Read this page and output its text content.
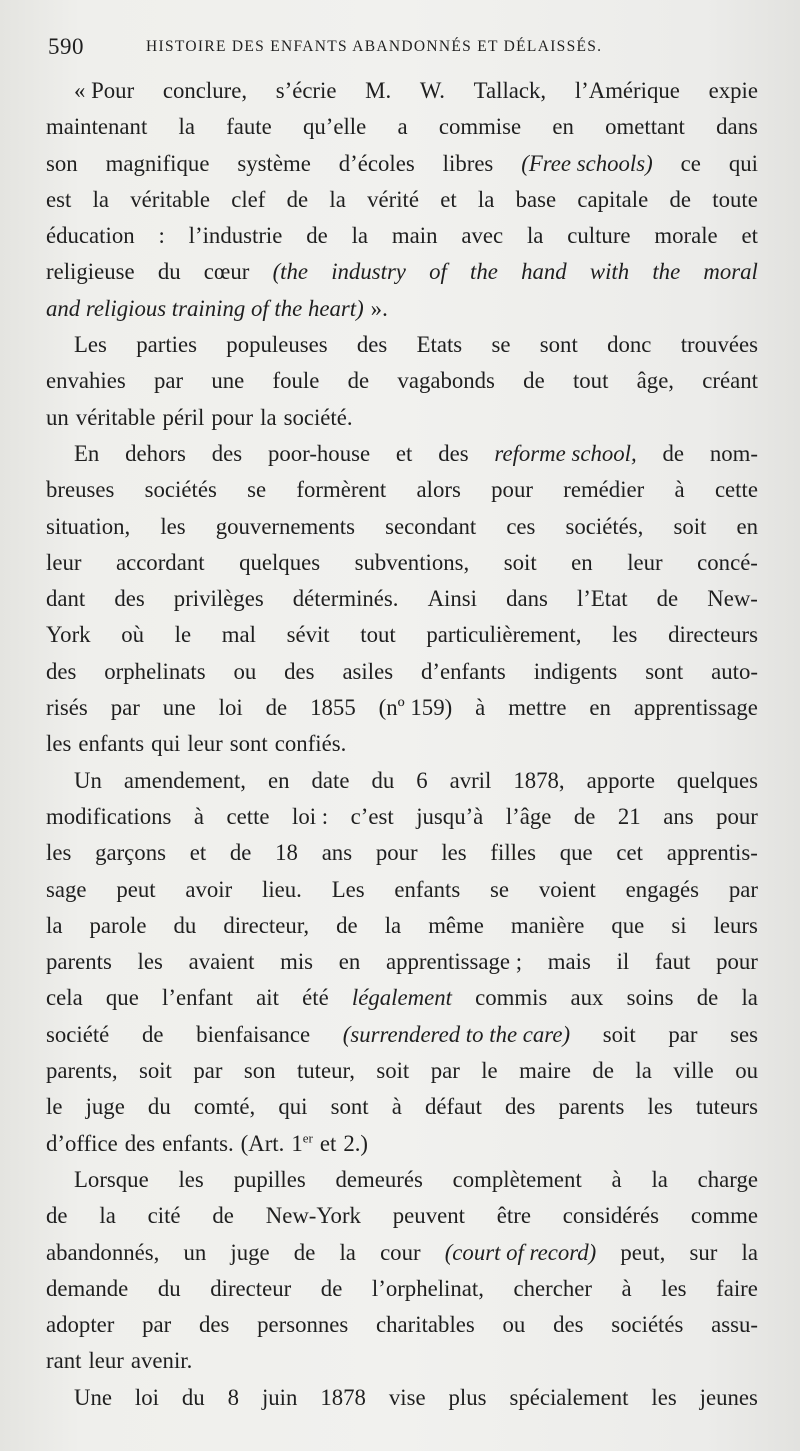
590	HISTOIRE DES ENFANTS ABANDONNÉS ET DÉLAISSÉS.
« Pour conclure, s’écrie M. W. Tallack, l’Amérique expie
maintenant la faute qu’elle a commise en omettant dans
son magnifique système d’écoles libres (Free schools) ce qui
est la véritable clef de la vérité et la base capitale de toute
éducation : l’industrie de la main avec la culture morale et
religieuse du cœur (the industry of the hand with the moral
and religious training of the heart) ».
Les parties populeuses des Etats se sont donc trouvées
envahies par une foule de vagabonds de tout âge, créant
un véritable péril pour la société.
En dehors des poor-house et des reforme school, de nom-
breuses sociétés se formèrent alors pour remédier à cette
situation, les gouvernements secondant ces sociétés, soit en
leur accordant quelques subventions, soit en leur concé-
dant des privilèges déterminés. Ainsi dans l’Etat de New-
York où le mal sévit tout particulièrement, les directeurs
des orphelinats ou des asiles d’enfants indigents sont auto-
risés par une loi de 1855 (nº 159) à mettre en apprentissage
les enfants qui leur sont confiés.
Un amendement, en date du 6 avril 1878, apporte quelques
modifications à cette loi : c’est jusqu’à l’âge de 21 ans pour
les garçons et de 18 ans pour les filles que cet apprentis-
sage peut avoir lieu. Les enfants se voient engagés par
la parole du directeur, de la même manière que si leurs
parents les avaient mis en apprentissage ; mais il faut pour
cela que l’enfant ait été légalement commis aux soins de la
société de bienfaisance (surrendered to the care) soit par ses
parents, soit par son tuteur, soit par le maire de la ville ou
le juge du comté, qui sont à défaut des parents les tuteurs
d’office des enfants. (Art. 1er et 2.)
Lorsque les pupilles demeurés complètement à la charge
de la cité de New-York peuvent être considérés comme
abandonnés, un juge de la cour (court of record) peut, sur la
demande du directeur de l’orphelinat, chercher à les faire
adopter par des personnes charitables ou des sociétés assu-
rant leur avenir.
Une loi du 8 juin 1878 vise plus spécialement les jeunes
